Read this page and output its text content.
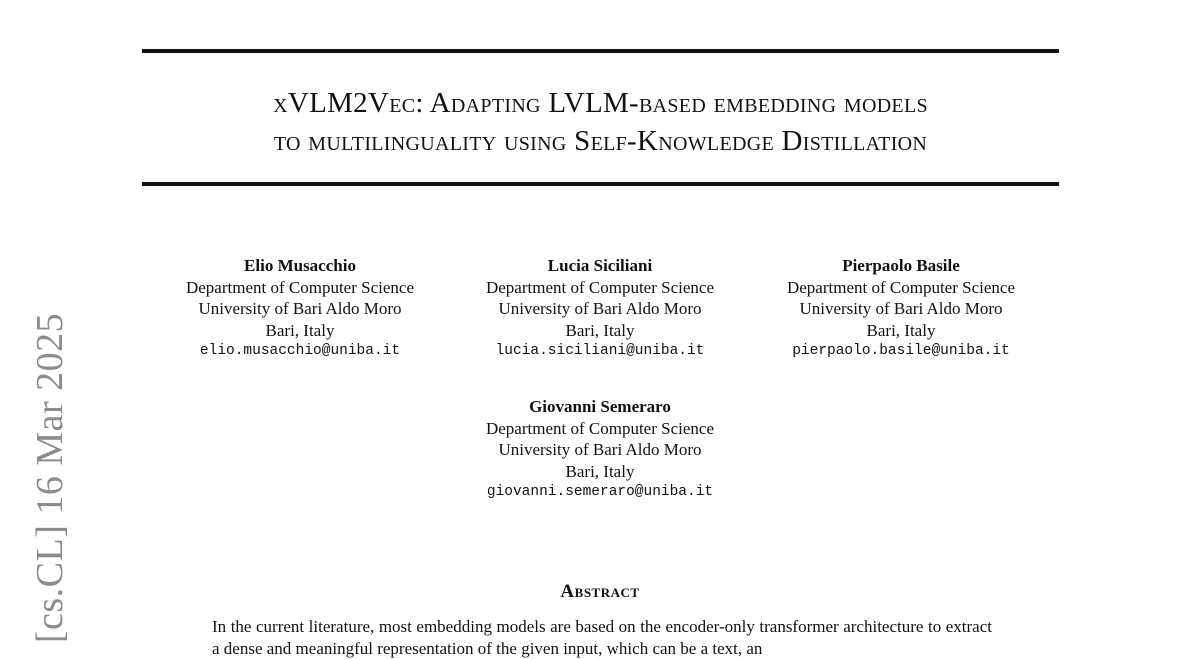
xVLM2Vec: Adapting LVLM-based embedding models
to multilinguality using Self-Knowledge Distillation
Elio Musacchio
Department of Computer Science
University of Bari Aldo Moro
Bari, Italy
elio.musacchio@uniba.it
Lucia Siciliani
Department of Computer Science
University of Bari Aldo Moro
Bari, Italy
lucia.siciliani@uniba.it
Pierpaolo Basile
Department of Computer Science
University of Bari Aldo Moro
Bari, Italy
pierpaolo.basile@uniba.it
Giovanni Semeraro
Department of Computer Science
University of Bari Aldo Moro
Bari, Italy
giovanni.semeraro@uniba.it
[cs.CL] 16 Mar 2025	Abstract
In the current literature, most embedding models are based on the encoder-only transformer architecture to extract a dense and meaningful representation of the given input, which can be a text, an
